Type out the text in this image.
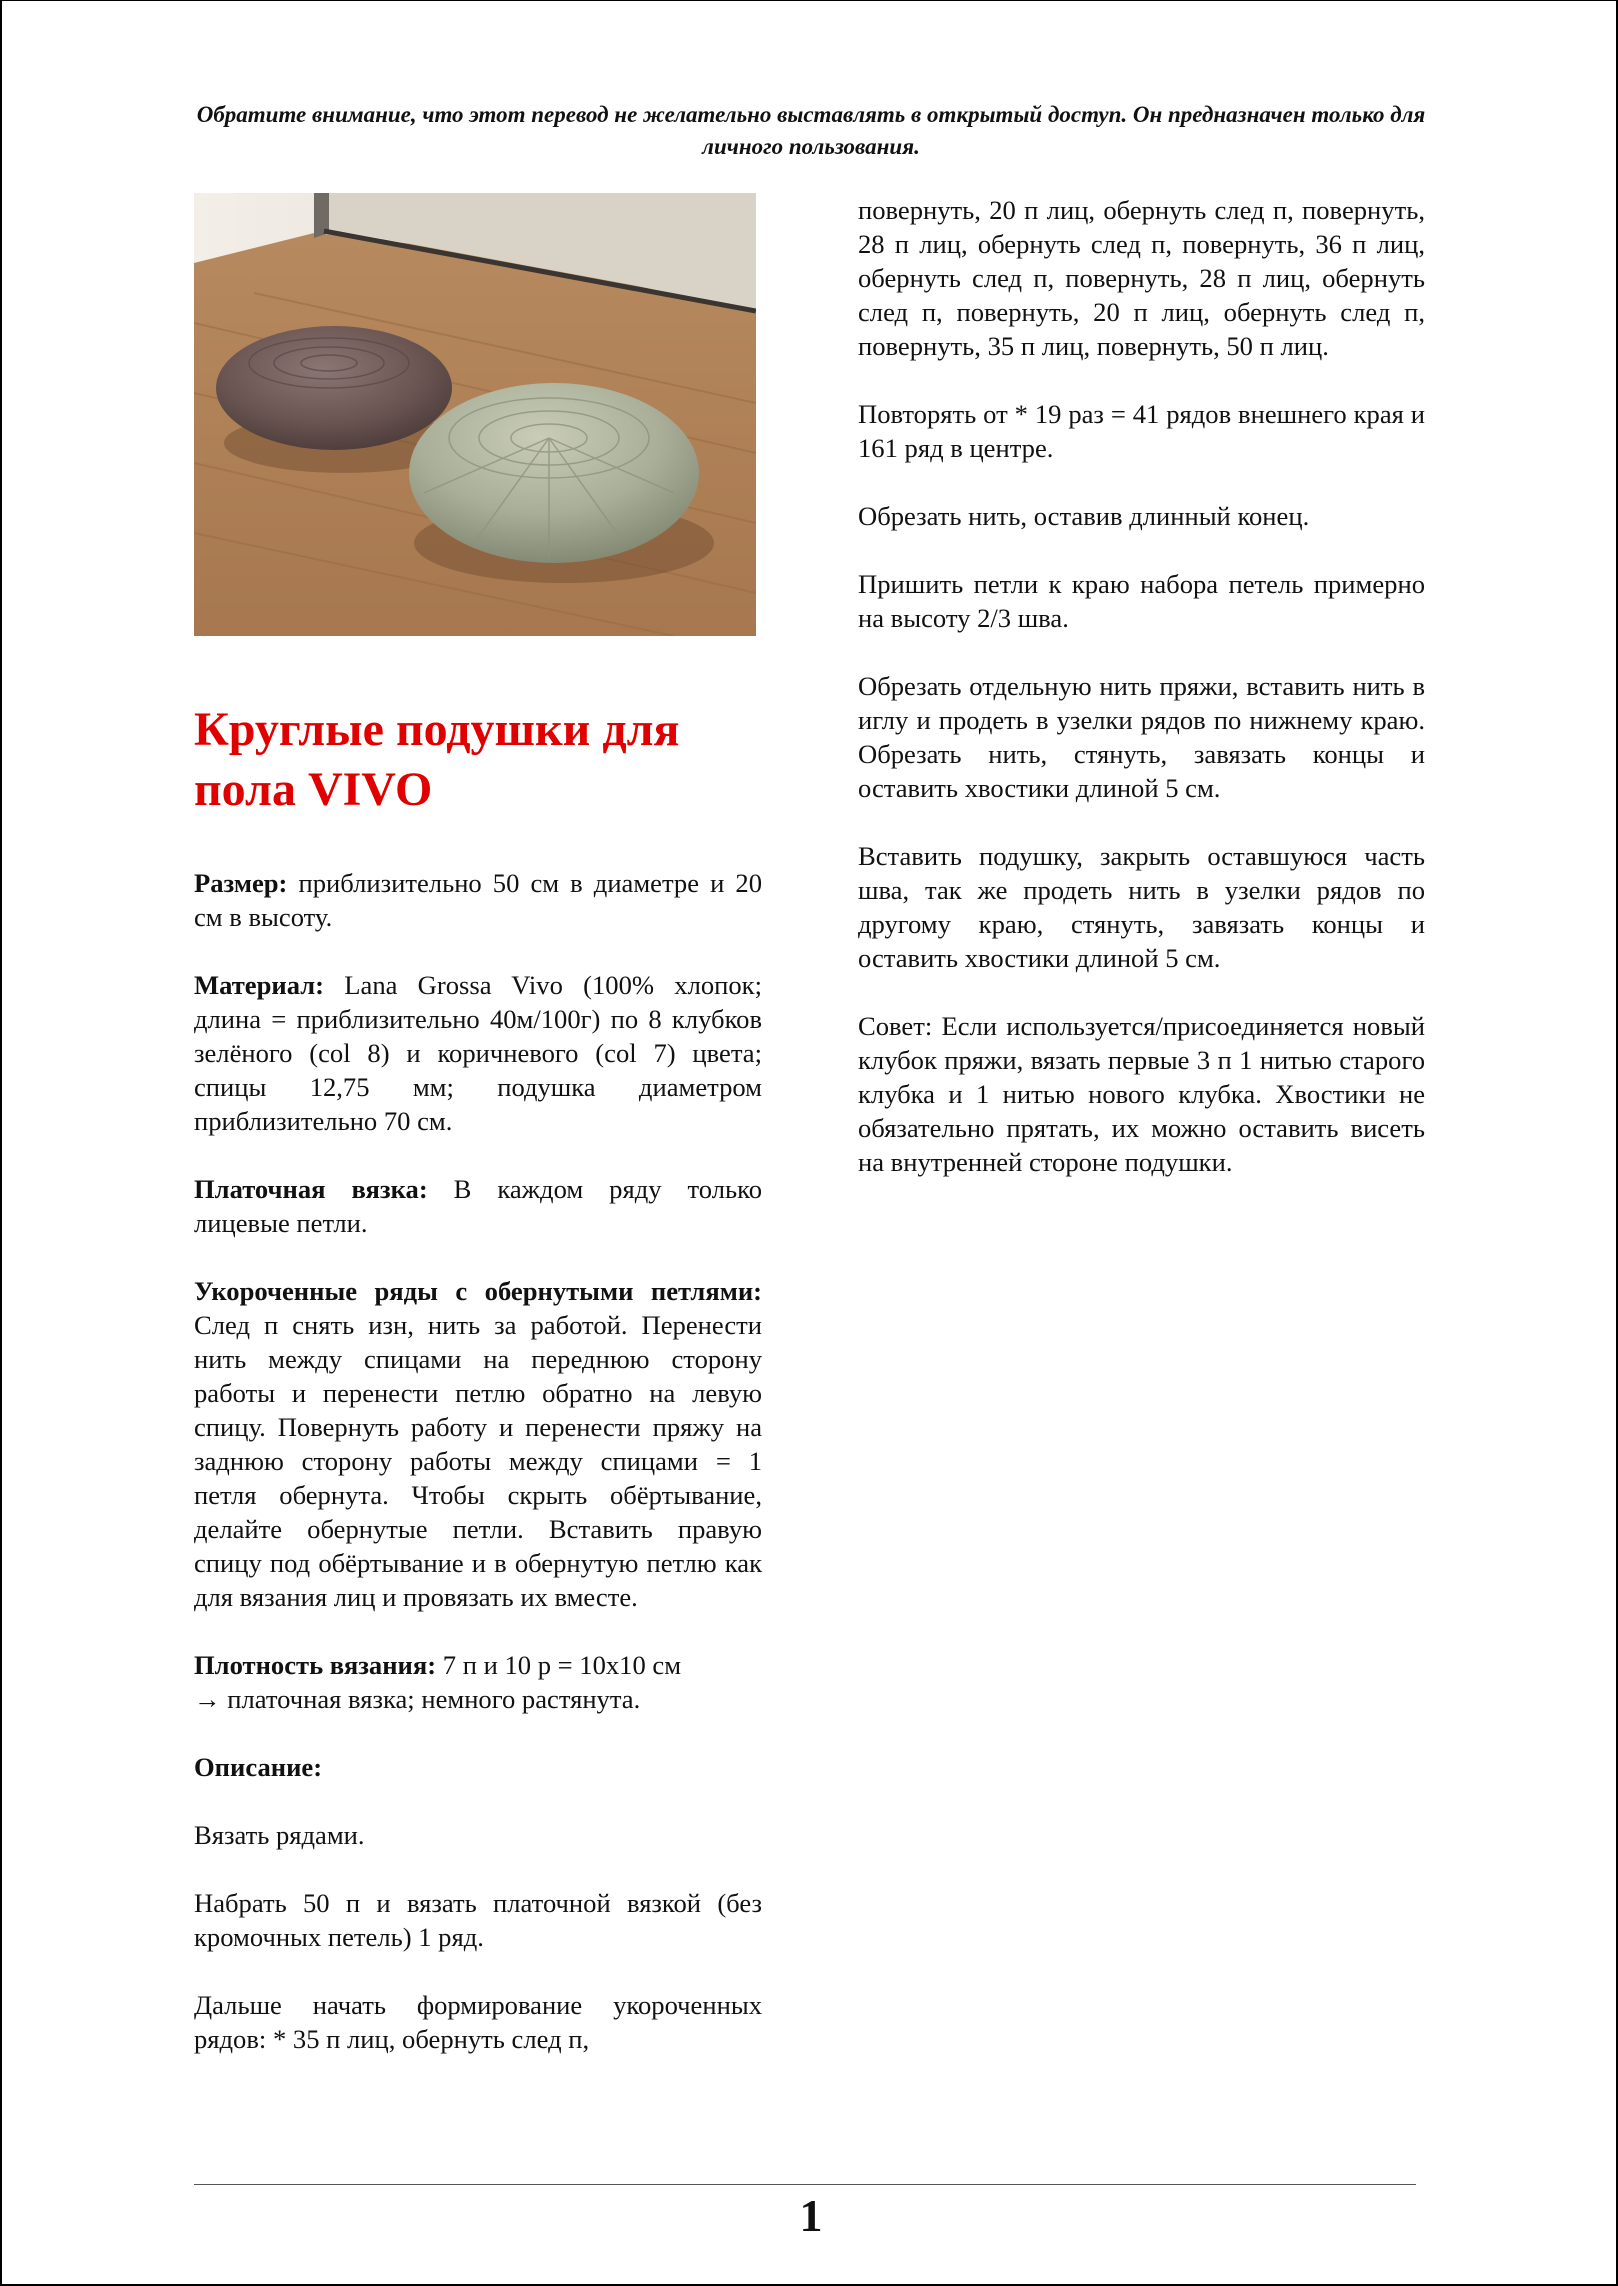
Обратите внимание, что этот перевод не желательно выставлять в открытый доступ. Он предназначен только для личного пользования.

Круглые подушки для пола VIVO

Размер: приблизительно 50 см в диаметре и 20 см в высоту.

Материал: Lana Grossa Vivo (100% хлопок; длина = приблизительно 40м/100г) по 8 клубков зелёного (col 8) и коричневого (col 7) цвета; спицы 12,75 мм; подушка диаметром приблизительно 70 см.

Платочная вязка: В каждом ряду только лицевые петли.

Укороченные ряды с обернутыми петлями: След п снять изн, нить за работой. Перенести нить между спицами на переднюю сторону работы и перенести петлю обратно на левую спицу. Повернуть работу и перенести пряжу на заднюю сторону работы между спицами = 1 петля обернута. Чтобы скрыть обёртывание, делайте обернутые петли. Вставить правую спицу под обёртывание и в обернутую петлю как для вязания лиц и провязать их вместе.

Плотность вязания: 7 п и 10 р = 10x10 см
→ платочная вязка; немного растянута.

Описание:

Вязать рядами.

Набрать 50 п и вязать платочной вязкой (без кромочных петель) 1 ряд.

Дальше начать формирование укороченных рядов: * 35 п лиц, обернуть след п,

повернуть, 20 п лиц, обернуть след п, повернуть, 28 п лиц, обернуть след п, повернуть, 36 п лиц, обернуть след п, повернуть, 28 п лиц, обернуть след п, повернуть, 20 п лиц, обернуть след п, повернуть, 35 п лиц, повернуть, 50 п лиц.

Повторять от * 19 раз = 41 рядов внешнего края и 161 ряд в центре.

Обрезать нить, оставив длинный конец.

Пришить петли к краю набора петель примерно на высоту 2/3 шва.

Обрезать отдельную нить пряжи, вставить нить в иглу и продеть в узелки рядов по нижнему краю. Обрезать нить, стянуть, завязать концы и оставить хвостики длиной 5 см.

Вставить подушку, закрыть оставшуюся часть шва, так же продеть нить в узелки рядов по другому краю, стянуть, завязать концы и оставить хвостики длиной 5 см.

Совет: Если используется/присоединяется новый клубок пряжи, вязать первые 3 п 1 нитью старого клубка и 1 нитью нового клубка. Хвостики не обязательно прятать, их можно оставить висеть на внутренней стороне подушки.

1
